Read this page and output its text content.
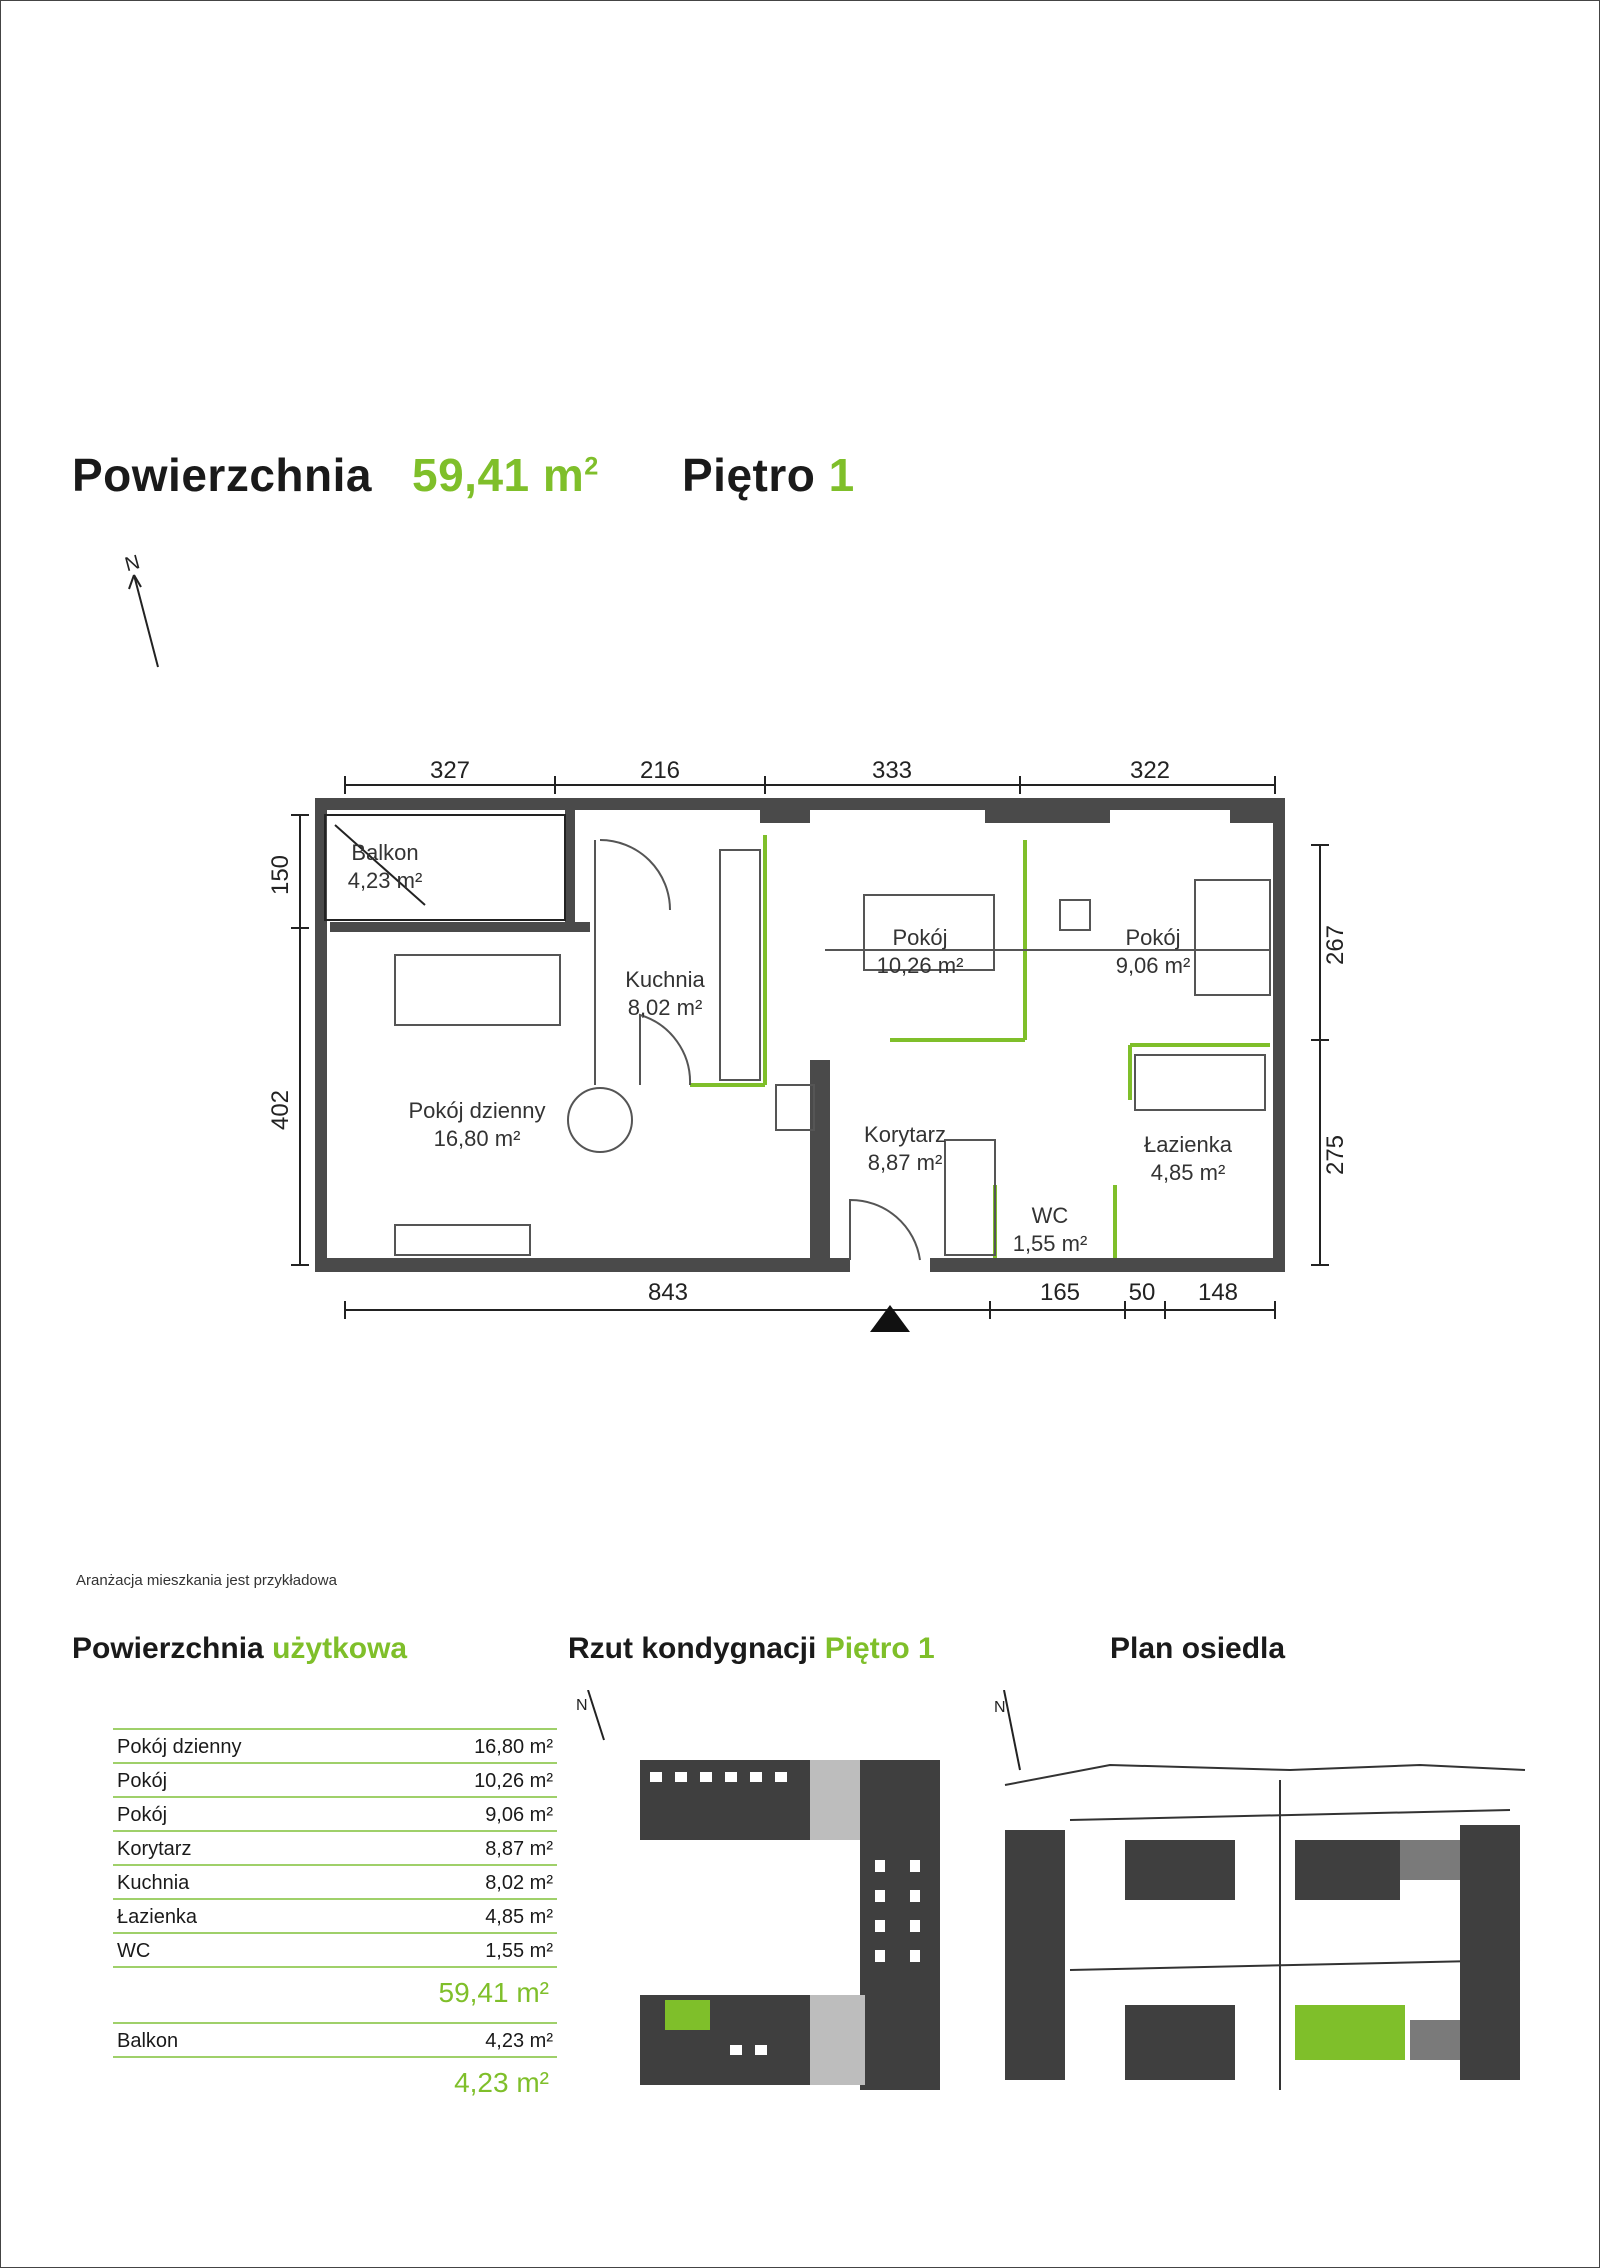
Powierzchnia 59,41 $m^2$ Piętro 1
N
327	216	333	322
843	165 50 148
150
402
267
275
Balkon
4,23 m²
Kuchnia
8,02 m²
Pokój
10,26 m²
Pokój
9,06 m²
Pokój dzienny
16,80 m²	Korytarz
8,87 m²
Łazienka
4,85 m²
WC
1,55 m²
Aranżacja mieszkania jest przykładowa
Powierzchnia użytkowa	Rzut kondygnacji Piętro 1	Plan osiedla
Pokój dzienny	16,80 m²
Pokój	10,26 m²
Pokój	9,06 m²
Korytarz	8,87 m²
Kuchnia	8,02 m²
Łazienka	4,85 m²
WC	1,55 m²
59,41 m²
Balkon	4,23 m²
4,23 m²
N	N
